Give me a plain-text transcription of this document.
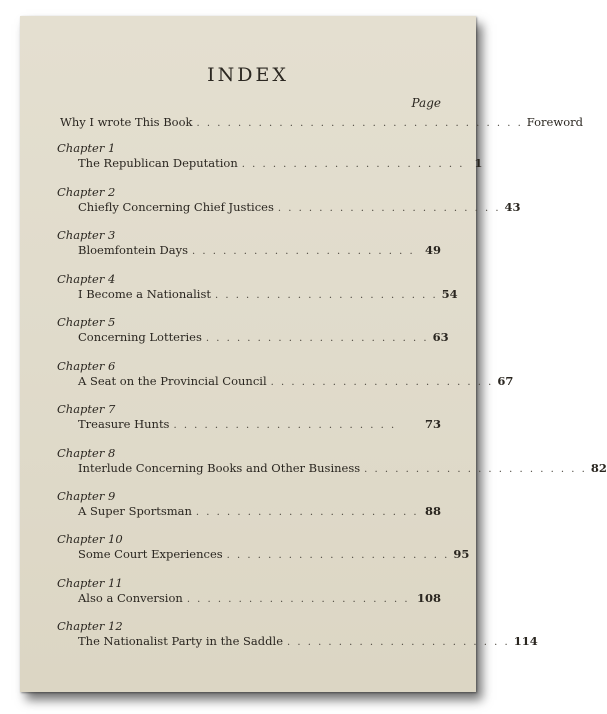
INDEX
Page
Why I wrote This Book . . . . . . . . . . . . . . . . . . . . . . . . . . . . . . . . Foreword
Chapter 1
The Republican Deputation . . . . . . . . . . . . . . . . . . . . . . 1
Chapter 2
Chiefly Concerning Chief Justices . . . . . . . . . . . . . . . . . . . . . . 43
Chapter 3
Bloemfontein Days . . . . . . . . . . . . . . . . . . . . . . 49
Chapter 4
I Become a Nationalist . . . . . . . . . . . . . . . . . . . . . . 54
Chapter 5
Concerning Lotteries . . . . . . . . . . . . . . . . . . . . . . 63
Chapter 6
A Seat on the Provincial Council . . . . . . . . . . . . . . . . . . . . . . 67
Chapter 7
Treasure Hunts . . . . . . . . . . . . . . . . . . . . . .	73
Chapter 8
Interlude Concerning Books and Other Business . . . . . . . . . . . . . . . . . . . . . . 82
Chapter 9
A Super Sportsman . . . . . . . . . . . . . . . . . . . . . . 88
Chapter 10
Some Court Experiences . . . . . . . . . . . . . . . . . . . . . . 95
Chapter 11
Also a Conversion . . . . . . . . . . . . . . . . . . . . . . 108
Chapter 12
The Nationalist Party in the Saddle . . . . . . . . . . . . . . . . . . . . . . 114
